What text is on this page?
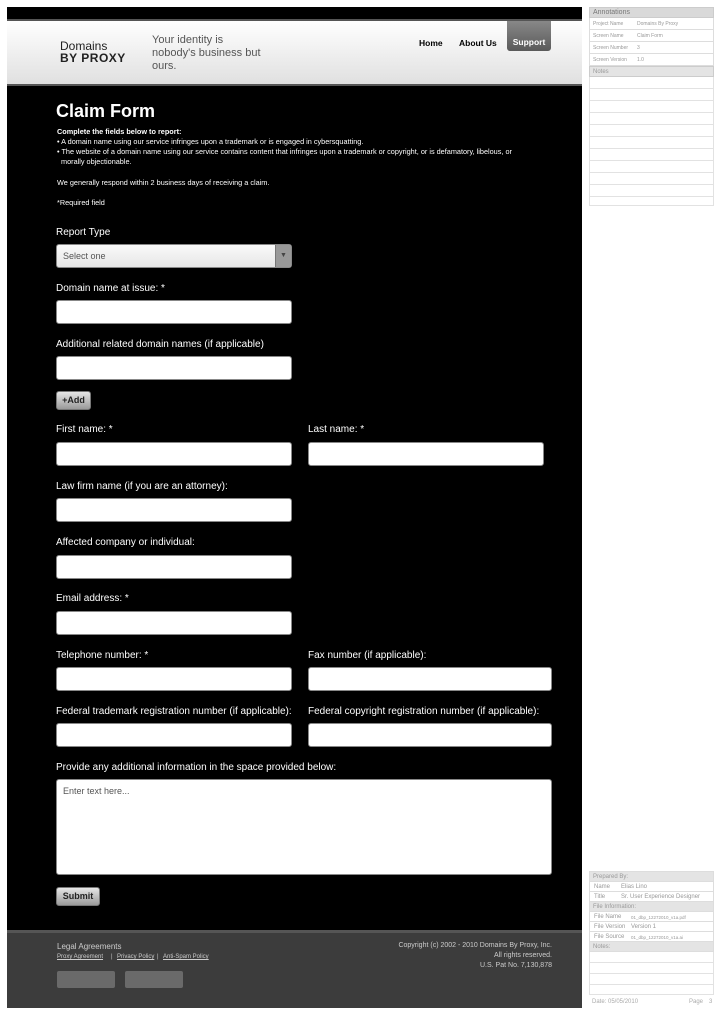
Domains
BY PROXY
Your identity is nobody's business but ours.
Home About Us	Support
Claim Form
Complete the fields below to report:
• A domain name using our service infringes upon a trademark or is engaged in cybersquatting.
• The website of a domain name using our service contains content that infringes upon a trademark or copyright, or is defamatory, libelous, or
morally objectionable.
We generally respond within 2 business days of receiving a claim.
*Required field
Report Type
Select one	▼
Domain name at issue: *
Additional related domain names (if applicable)
+Add
First name: *	Last name: *
Law firm name (if you are an attorney):
Affected company or individual:
Email address: *
Telephone number: *	Fax number (if applicable):
Federal trademark registration number (if applicable): Federal copyright registration number (if applicable):
Provide any additional information in the space provided below:
Enter text here...
Submit
Legal Agreements
Proxy Agreement | Privacy Policy | Anti-Spam Policy
Copyright (c) 2002 - 2010 Domains By Proxy, Inc.
All rights reserved.
U.S. Pat No. 7,130,878
Annotations
Project Name	Domains By Proxy
Screen Name	Claim Form
Screen Number 3
Screen Version 1.0
Notes
Prepared By:
Name Elias Lino
Title	Sr. User Experience Designer
File Information:
File Name 01_dbp_12272010_v1a.pdf
File Version Version 1
File Source 01_dbp_12272010_v1a.ai
Notes:
Date: 05/05/2010	Page 3
